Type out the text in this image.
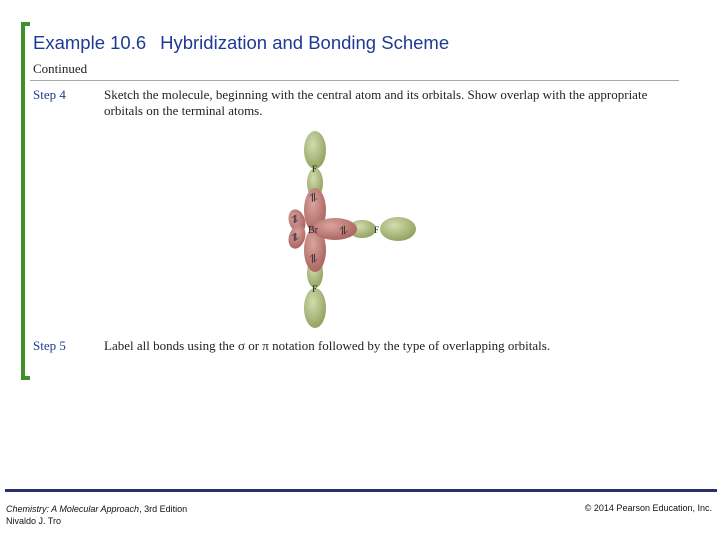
Example 10.6 Hybridization and Bonding Scheme
Continued
Step 4	Sketch the molecule, beginning with the central atom and its orbitals. Show overlap with the appropriate orbitals on the terminal atoms.
⥮
⥮
⥮
⥮
⥮
Br
F
F
F
Step 5	Label all bonds using the σ or π notation followed by the type of overlapping orbitals.
Chemistry: A Molecular Approach, 3rd Edition
Nivaldo J. Tro
© 2014 Pearson Education, Inc.
